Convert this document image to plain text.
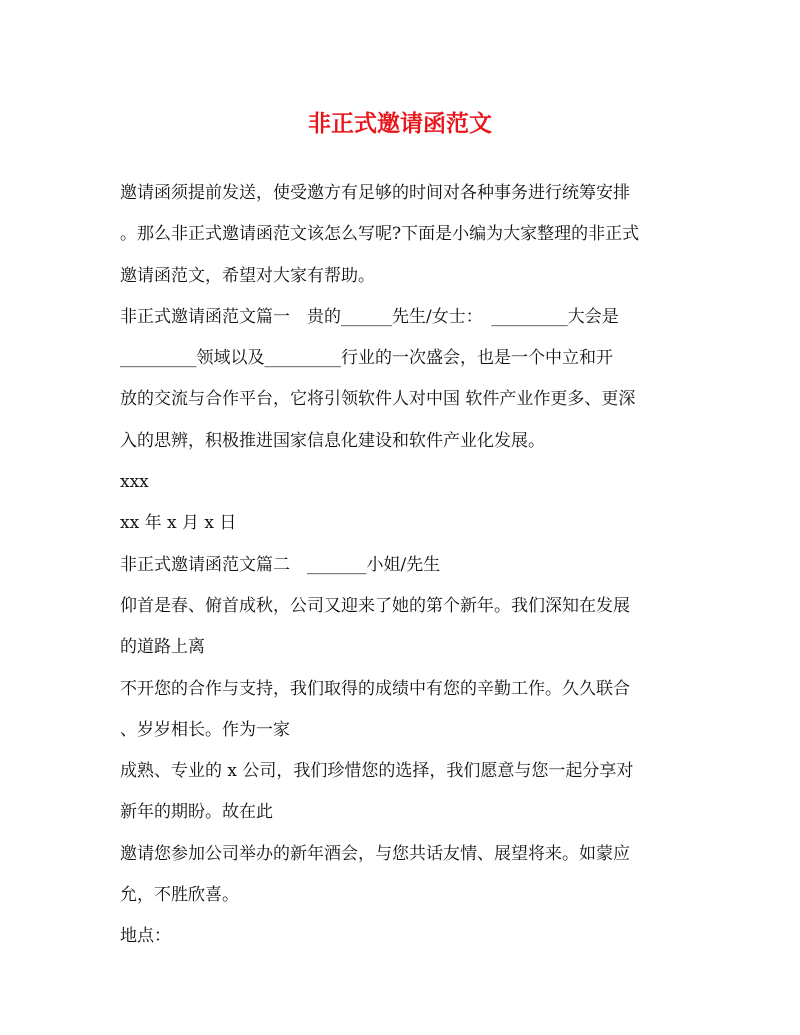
非正式邀请函范文
邀请函须提前发送，使受邀方有足够的时间对各种事务进行统筹安排
。那么非正式邀请函范文该怎么写呢?下面是小编为大家整理的非正式
邀请函范文，希望对大家有帮助。
非正式邀请函范文篇一　贵的______先生/女士：　_________大会是
_________领域以及_________行业的一次盛会，也是一个中立和开
放的交流与合作平台，它将引领软件人对中国 软件产业作更多、更深
入的思辨，积极推进国家信息化建设和软件产业化发展。
xxx
xx 年 x 月 x 日
非正式邀请函范文篇二　_______小姐/先生
仰首是春、俯首成秋，公司又迎来了她的第个新年。我们深知在发展
的道路上离
不开您的合作与支持，我们取得的成绩中有您的辛勤工作。久久联合
、岁岁相长。作为一家
成熟、专业的 x 公司，我们珍惜您的选择，我们愿意与您一起分享对
新年的期盼。故在此
邀请您参加公司举办的新年酒会，与您共话友情、展望将来。如蒙应
允，不胜欣喜。
地点：
